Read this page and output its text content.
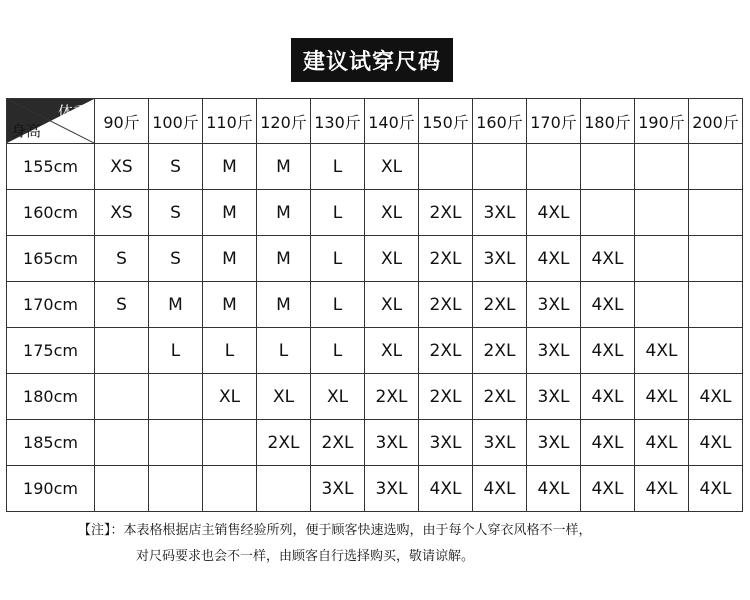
建议试穿尺码
体重
身高	90斤	100斤	110斤	120斤	130斤	140斤	150斤	160斤	170斤	180斤	190斤	200斤
155cm	XS	S	M	M	L	XL						
160cm	XS	S	M	M	L	XL	2XL	3XL	4XL			
165cm	S	S	M	M	L	XL	2XL	3XL	4XL	4XL		
170cm	S	M	M	M	L	XL	2XL	2XL	3XL	4XL		
175cm		L	L	L	L	XL	2XL	2XL	3XL	4XL	4XL	
180cm			XL	XL	XL	2XL	2XL	2XL	3XL	4XL	4XL	4XL
185cm				2XL	2XL	3XL	3XL	3XL	3XL	4XL	4XL	4XL
190cm					3XL	3XL	4XL	4XL	4XL	4XL	4XL	4XL
【注】：本表格根据店主销售经验所列，便于顾客快速选购，由于每个人穿衣风格不一样，
对尺码要求也会不一样，由顾客自行选择购买，敬请谅解。
